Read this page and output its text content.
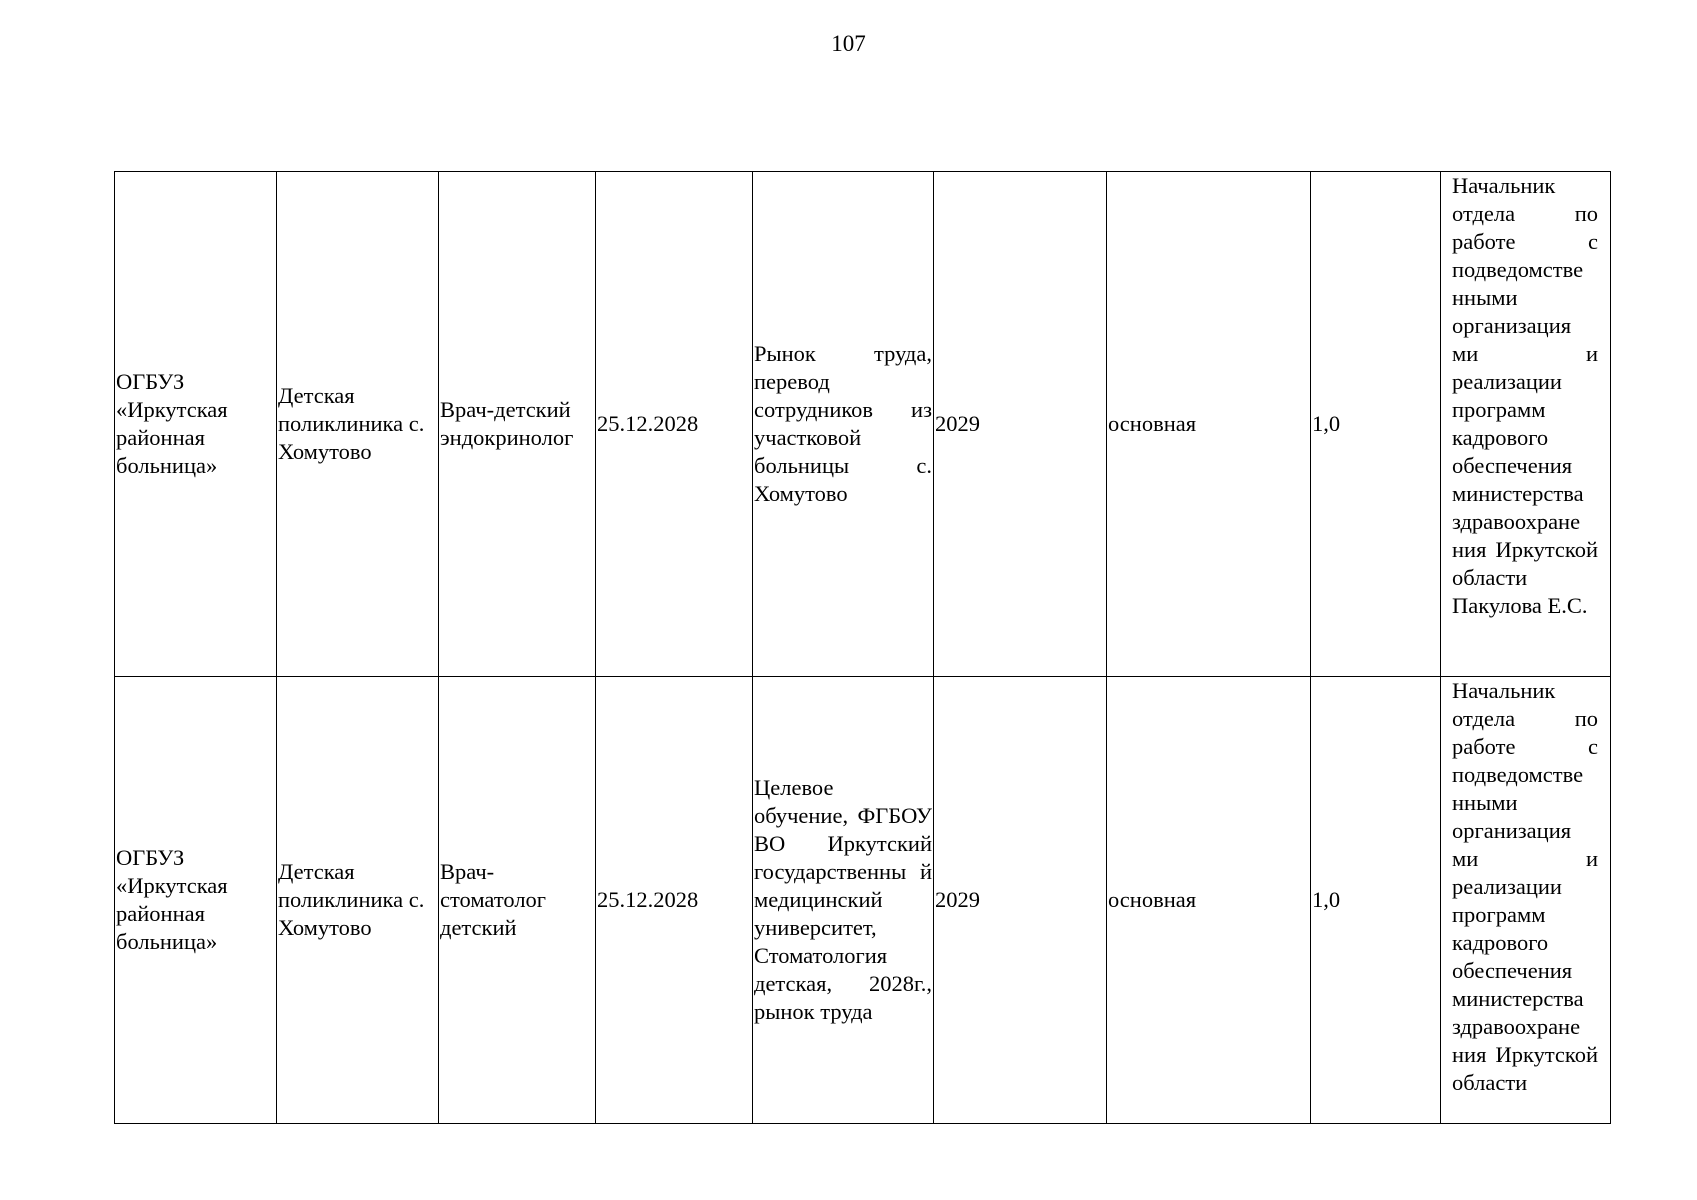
107
ОГБУЗ
«Иркутская
районная
больница»	Детская
поликлиника с.
Хомутово	Врач-детский
эндокринолог	25.12.2028	Рынок труда, перевод сотрудников из участковой больницы с. Хомутово	2029	основная	1,0	Начальник отдела по работе с подведомстве нными организация ми и реализации программ кадрового обеспечения министерства здравоохране ния Иркутской области Пакулова Е.С.
ОГБУЗ
«Иркутская
районная
больница»	Детская
поликлиника с.
Хомутово	Врач-
стоматолог
детский	25.12.2028	Целевое обучение, ФГБОУ ВО Иркутский государственны й медицинский университет, Стоматология детская, 2028г., рынок труда	2029	основная	1,0	Начальник отдела по работе с подведомстве нными организация ми и реализации программ кадрового обеспечения министерства здравоохране ния Иркутской области
